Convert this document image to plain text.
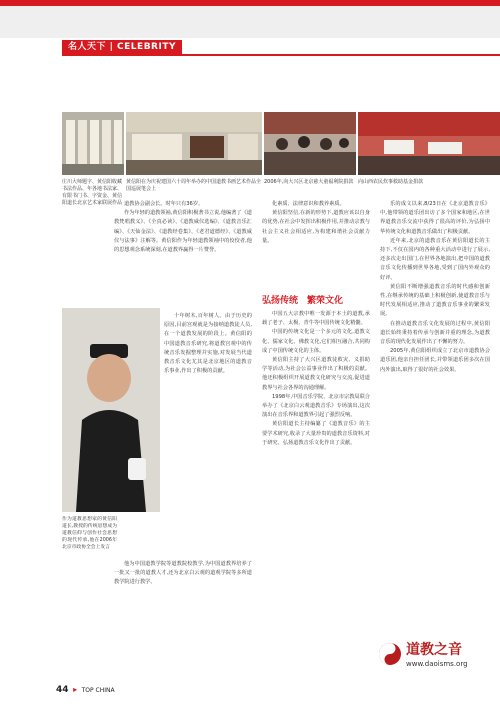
名人天下 | CELEBRITY
庄川大师题字、黄信阳收藏书法作品、年各地书法家、有限书门书、字资金、黄信阳道长北京艺术家联展作品
黄信阳在为庆祝建国六十周年举办的中国道教书画艺术作品全国巡展笔会上
2006年,向大兴区北京慈大童福利院捐款 向山西农民炊事救助基金捐款

道教协会副会长。时年只有36岁。

作为年轻的道教领袖,黄信阳积极著书立说,他编著了《道教梵唱教义》、《全真必读》、《道教威仪选编》、《道教音乐汇编》、《天仙金法》、《道教经卷集》、《老君道德经》、《道教威仪与法事》注解等。黄信阳作为年轻道教领袖中的佼佼者,他的思想观念系统深刻,在道教界赢得一片赞誉。

作为道教思想家的黄信阳道长,教授的传统思想成为道教信仰与创作社会思想的现代传承,他在2006年北京市政协全会上发言

十年树木,百年树人。由于历史的原因,目前宫观就是为接纳道教徒人员,在一个道教发展的阶段上。黄信阳的中国道教音乐研究,将道教宫观中的传统音乐发掘整理并实施,对发展当代道教音乐文化尤其是北京地区的道教音乐事业,作出了积极的贡献。

他为中国道教学院等道教院校教学,为中国道教界培养了一批又一批的道教人才,还为北京白云观的道观学院等多所道教学院进行教学。

化素质、法律意识和教养素质。

黄信阳坚信,在新的形势下,道教应该以自身的优势,在社会中发挥出积极作用,并推动宗教与社会主义社会相适应,为构建和谐社会贡献力量。

弘扬传统　繁荣文化

中国五大宗教中唯一发源于本土的道教,承载了老子、太极、青牛等中国传统文化精髓。

中国的传统文化是一个多元的文化,道教文化、儒家文化、佛教文化,它们相互融合,共同构成了中国传统文化的主体。

黄信阳主持了大兴区道教徒救灾、义捐助学等活动,为社会公益事业作出了积极的贡献。他还积极组织开展道教文化研究与交流,促进道教界与社会各界的沟通理解。

1998年,中国音乐学院、北京市宗教局联合举办了《北京白云观道教音乐》专场演出,这次演出在音乐界和道教界引起了强烈反响。

黄信阳道长主持编纂了《道教音乐》的主要学术研究,收录了大量珍贵的道教音乐资料,对于研究、弘扬道教音乐文化作出了贡献。

乐的成文以来,8/23日在《北京道教音乐》中,他带领的道乐团出访了多个国家和地区,在世界道教音乐交流中获得了很高的评价,为弘扬中华传统文化和道教音乐做出了积极贡献。

近年来,北京的道教音乐在黄信阳道长的主持下,不仅在国内的各种重大活动中进行了展示,还多次走出国门,在世界各地演出,把中国的道教音乐文化传播到世界各地,受到了国内外观众的好评。

黄信阳不断增强道教音乐的时代感和创新性,在继承传统的基础上积极创新,使道教音乐与时代发展相适应,推动了道教音乐事业的繁荣发展。

在推动道教音乐文化发展的过程中,黄信阳道长始终秉持着传承与创新并重的理念,为道教音乐的现代化发展作出了不懈的努力。

2005年,黄信阳组织成立了北京市道教协会道乐团,他亲自担任团长,并带领道乐团多次在国内外演出,取得了很好的社会效果。

道教之音
www.daoisms.org
44 ▸ TOP CHINA
